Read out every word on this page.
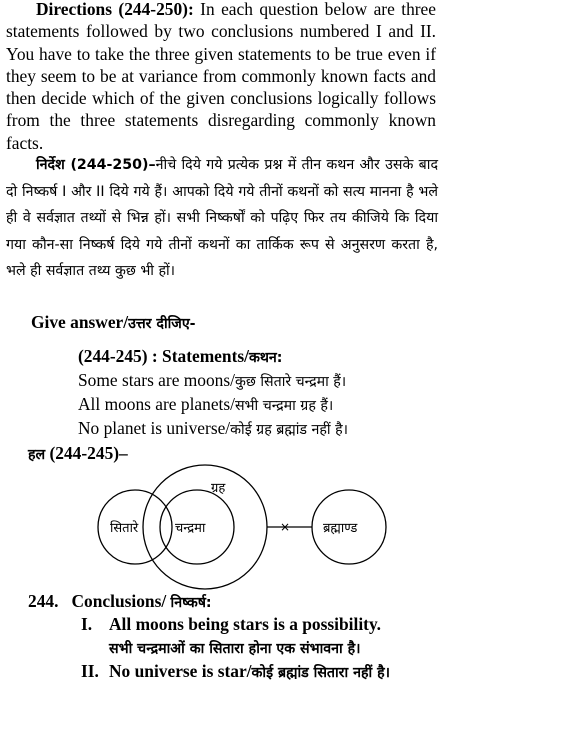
Directions (244-250): In each question below are three statements followed by two conclusions numbered I and II. You have to take the three given statements to be true even if they seem to be at variance from commonly known facts and then decide which of the given conclusions logically follows from the three statements disregarding commonly known facts.

निर्देश (244-250)–नीचे दिये गये प्रत्येक प्रश्न में तीन कथन और उसके बाद दो निष्कर्ष I और II दिये गये हैं। आपको दिये गये तीनों कथनों को सत्य मानना है भले ही वे सर्वज्ञात तथ्यों से भिन्न हों। सभी निष्कर्षों को पढ़िए फिर तय कीजिये कि दिया गया कौन-सा निष्कर्ष दिये गये तीनों कथनों का तार्किक रूप से अनुसरण करता है, भले ही सर्वज्ञात तथ्य कुछ भी हों।

Give answer/उत्तर दीजिए-
(244-245) : Statements/कथन:
Some stars are moons/कुछ सितारे चन्द्रमा हैं।
All moons are planets/सभी चन्द्रमा ग्रह हैं।
No planet is universe/कोई ग्रह ब्रह्मांड नहीं है।
हल (244-245)–
ग्रह
सितारे	चन्द्रमा	ब्रह्माण्ड
×
244. Conclusions/ निष्कर्ष:
I. All moons being stars is a possibility.
सभी चन्द्रमाओं का सितारा होना एक संभावना है।
II. No universe is star/कोई ब्रह्मांड सितारा नहीं है।
